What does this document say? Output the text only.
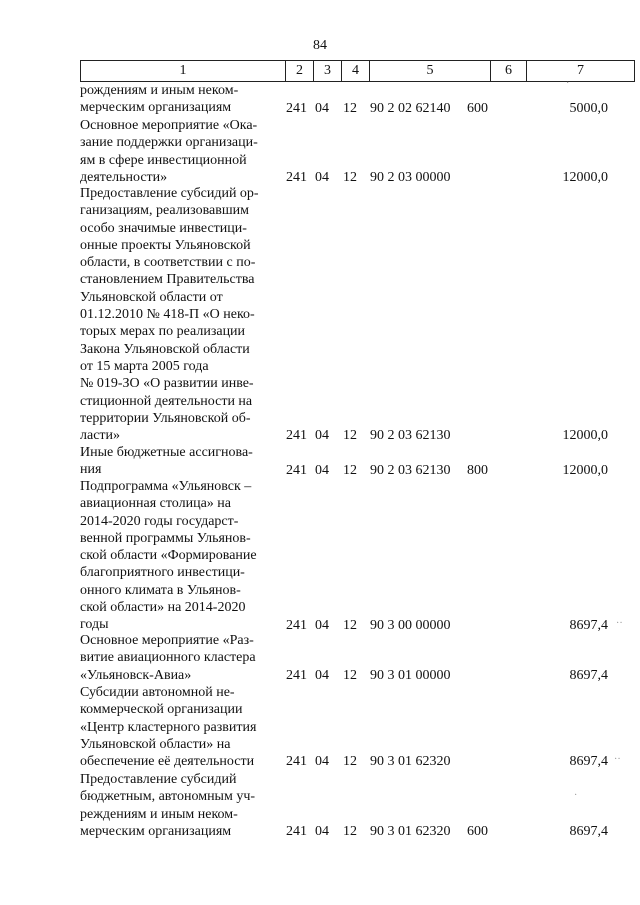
84
1	2	3	4	5	6	7
рождениям и иным неком-
мерческим организациям	241 04 12 90 2 02 62140 600	5000,0
Основное мероприятие «Ока-
зание поддержки организаци-
ям в сфере инвестиционной
деятельности»	241 04 12 90 2 03 00000	12000,0
Предоставление субсидий ор-
ганизациям, реализовавшим
особо значимые инвестици-
онные проекты Ульяновской
области, в соответствии с по-
становлением Правительства
Ульяновской области от
01.12.2010 № 418-П «О неко-
торых мерах по реализации
Закона Ульяновской области
от 15 марта 2005 года
№ 019-ЗО «О развитии инве-
стиционной деятельности на
территории Ульяновской об-
ласти»	241 04 12 90 2 03 62130	12000,0
Иные бюджетные ассигнова-
ния	241 04 12 90 2 03 62130 800	12000,0
Подпрограмма «Ульяновск –
авиационная столица» на
2014-2020 годы государст-
венной программы Ульянов-
ской области «Формирование
благоприятного инвестици-
онного климата в Ульянов-
ской области» на 2014-2020
годы	241 04 12 90 3 00 00000	8697,4
Основное мероприятие «Раз-
витие авиационного кластера
«Ульяновск-Авиа»	241 04 12 90 3 01 00000	8697,4
Субсидии автономной не-
коммерческой организации
«Центр кластерного развития
Ульяновской области» на
обеспечение её деятельности	241 04 12 90 3 01 62320	8697,4
Предоставление субсидий
бюджетным, автономным уч-
реждениям и иным неком-
мерческим организациям	241 04 12 90 3 01 62320 600	8697,4
·
··
··
·
